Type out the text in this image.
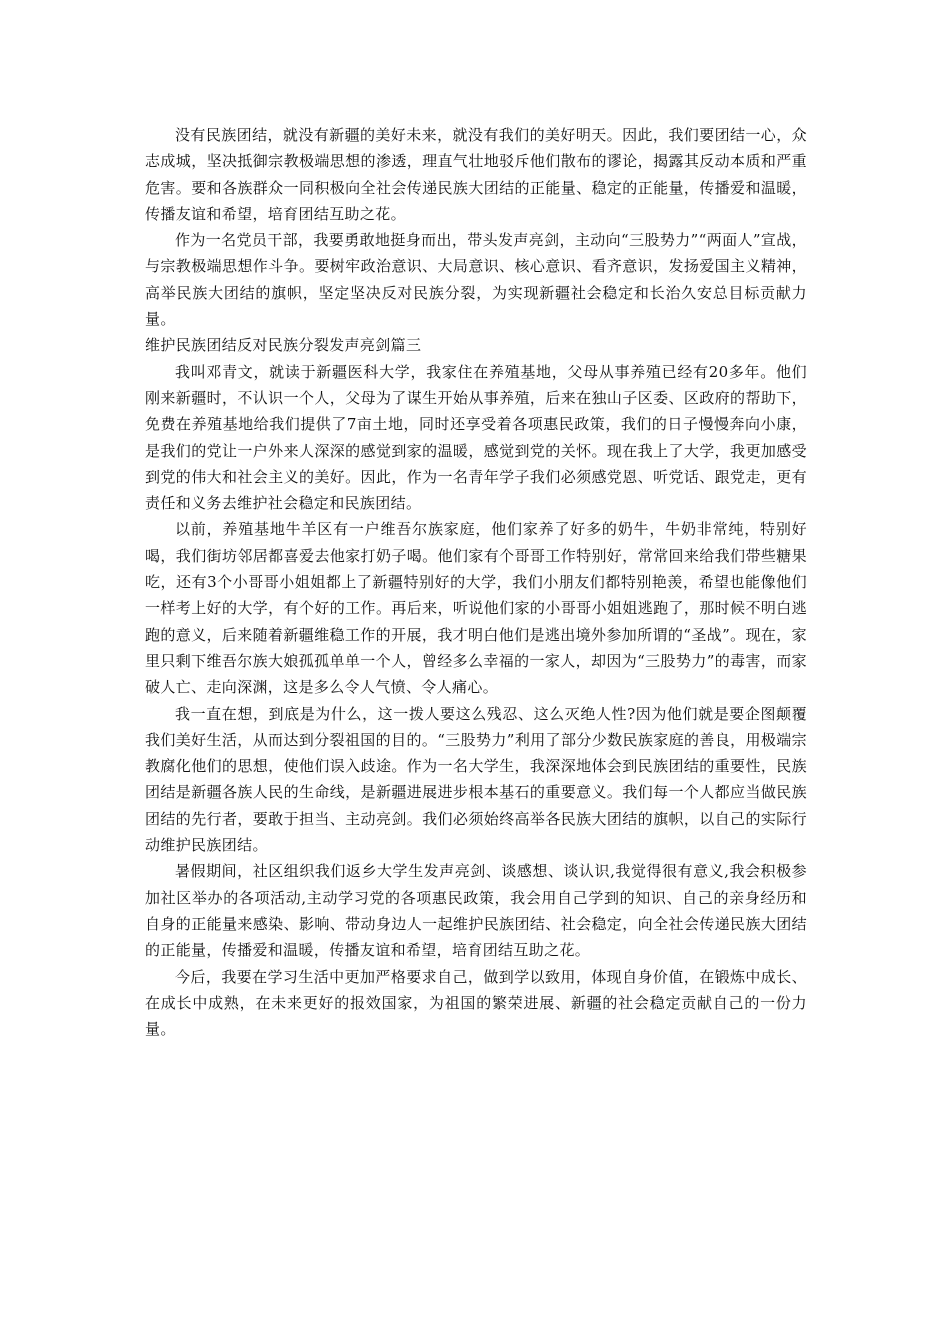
没有民族团结，就没有新疆的美好未来，就没有我们的美好明天。因此，我们要团结一心，众志成城，坚决抵御宗教极端思想的渗透，理直气壮地驳斥他们散布的谬论，揭露其反动本质和严重危害。要和各族群众一同积极向全社会传递民族大团结的正能量、稳定的正能量，传播爱和温暖，传播友谊和希望，培育团结互助之花。

作为一名党员干部，我要勇敢地挺身而出，带头发声亮剑，主动向“三股势力”“两面人”宣战，与宗教极端思想作斗争。要树牢政治意识、大局意识、核心意识、看齐意识，发扬爱国主义精神，高举民族大团结的旗帜，坚定坚决反对民族分裂，为实现新疆社会稳定和长治久安总目标贡献力量。

维护民族团结反对民族分裂发声亮剑篇三

我叫邓青文，就读于新疆医科大学，我家住在养殖基地，父母从事养殖已经有20多年。他们刚来新疆时，不认识一个人，父母为了谋生开始从事养殖，后来在独山子区委、区政府的帮助下，免费在养殖基地给我们提供了7亩土地，同时还享受着各项惠民政策，我们的日子慢慢奔向小康，是我们的党让一户外来人深深的感觉到家的温暖，感觉到党的关怀。现在我上了大学，我更加感受到党的伟大和社会主义的美好。因此，作为一名青年学子我们必须感党恩、听党话、跟党走，更有责任和义务去维护社会稳定和民族团结。

以前，养殖基地牛羊区有一户维吾尔族家庭，他们家养了好多的奶牛，牛奶非常纯，特别好喝，我们街坊邻居都喜爱去他家打奶子喝。他们家有个哥哥工作特别好，常常回来给我们带些糖果吃，还有3个小哥哥小姐姐都上了新疆特别好的大学，我们小朋友们都特别艳羡，希望也能像他们一样考上好的大学，有个好的工作。再后来，听说他们家的小哥哥小姐姐逃跑了，那时候不明白逃跑的意义，后来随着新疆维稳工作的开展，我才明白他们是逃出境外参加所谓的“圣战”。现在，家里只剩下维吾尔族大娘孤孤单单一个人，曾经多么幸福的一家人，却因为“三股势力”的毒害，而家破人亡、走向深渊，这是多么令人气愤、令人痛心。

我一直在想，到底是为什么，这一拨人要这么残忍、这么灭绝人性?因为他们就是要企图颠覆我们美好生活，从而达到分裂祖国的目的。“三股势力”利用了部分少数民族家庭的善良，用极端宗教腐化他们的思想，使他们误入歧途。作为一名大学生，我深深地体会到民族团结的重要性，民族团结是新疆各族人民的生命线，是新疆进展进步根本基石的重要意义。我们每一个人都应当做民族团结的先行者，要敢于担当、主动亮剑。我们必须始终高举各民族大团结的旗帜，以自己的实际行动维护民族团结。

暑假期间，社区组织我们返乡大学生发声亮剑、谈感想、谈认识,我觉得很有意义,我会积极参加社区举办的各项活动,主动学习党的各项惠民政策，我会用自己学到的知识、自己的亲身经历和自身的正能量来感染、影响、带动身边人一起维护民族团结、社会稳定，向全社会传递民族大团结的正能量，传播爱和温暖，传播友谊和希望，培育团结互助之花。

今后，我要在学习生活中更加严格要求自己，做到学以致用，体现自身价值，在锻炼中成长、在成长中成熟，在未来更好的报效国家，为祖国的繁荣进展、新疆的社会稳定贡献自己的一份力量。
